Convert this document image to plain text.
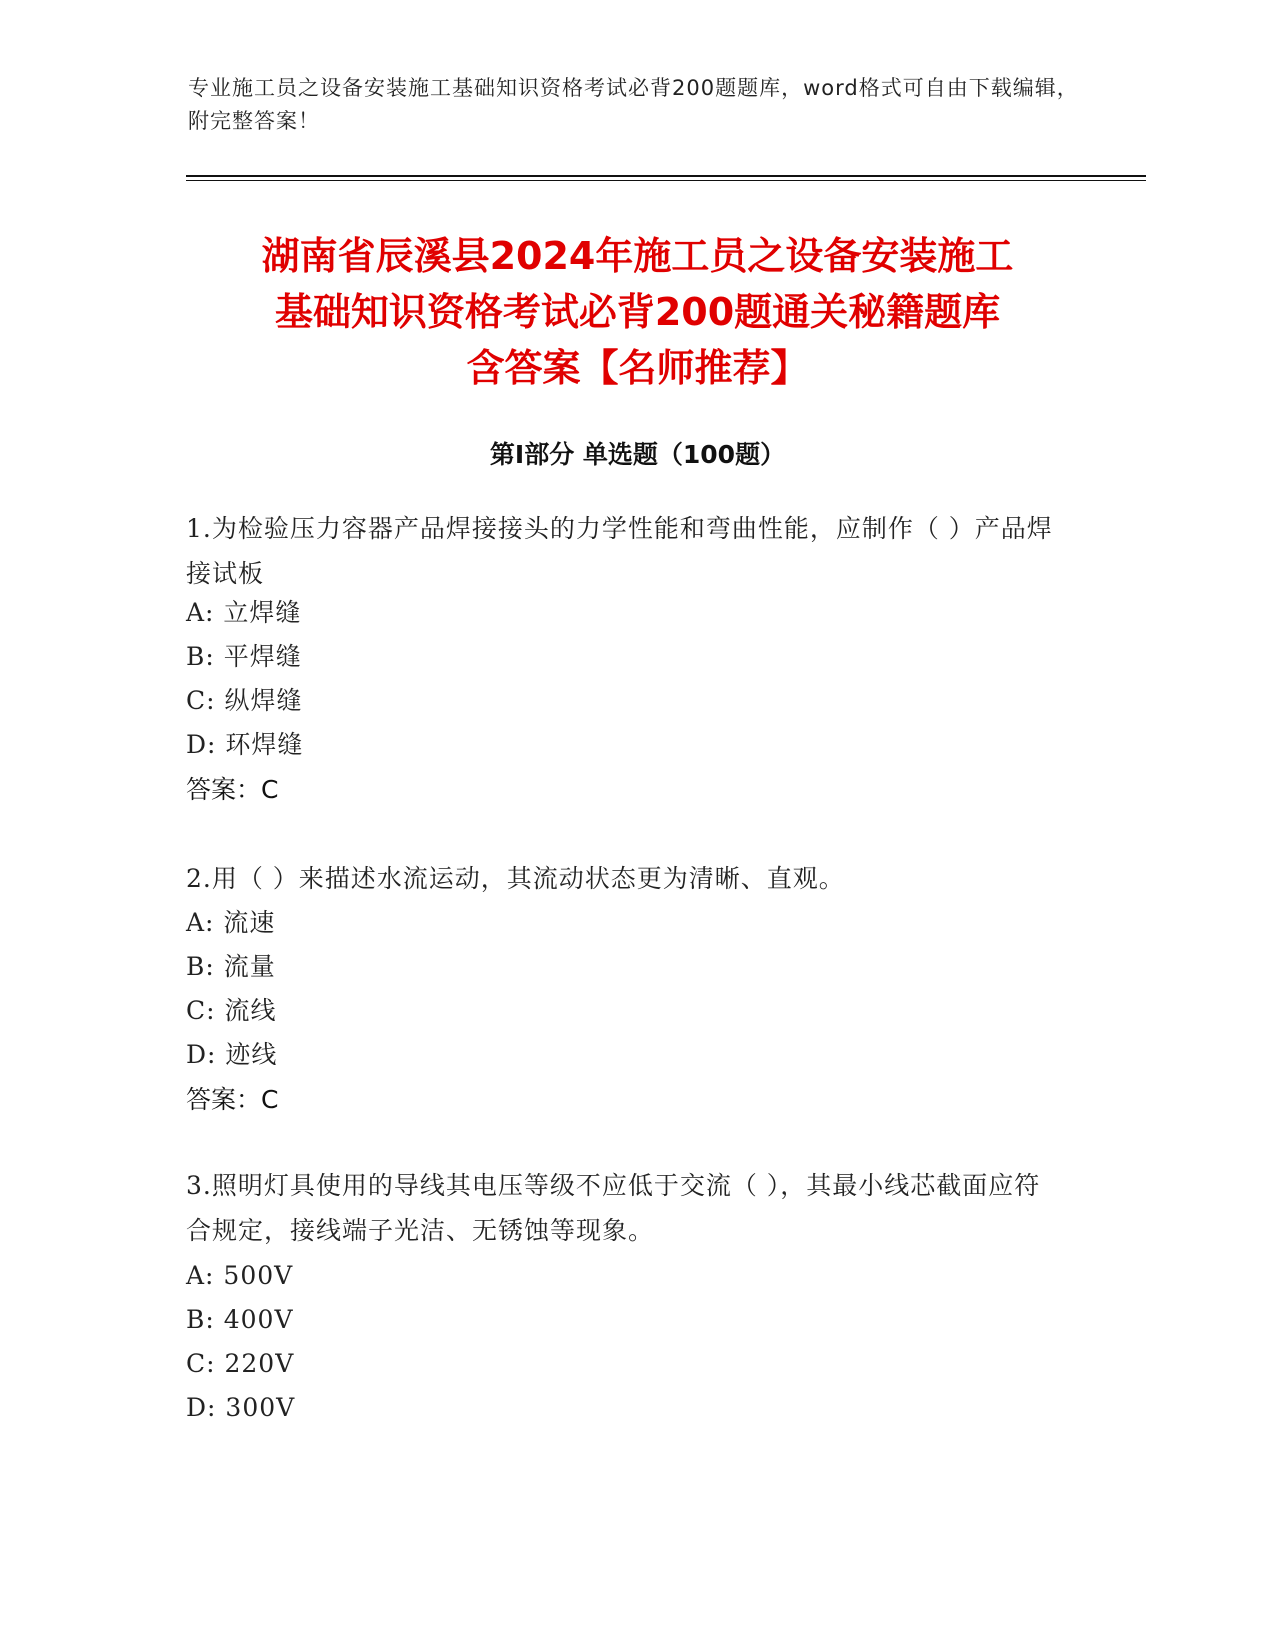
专业施工员之设备安装施工基础知识资格考试必背200题题库，word格式可自由下载编辑，附完整答案！
湖南省辰溪县2024年施工员之设备安装施工
基础知识资格考试必背200题通关秘籍题库
含答案【名师推荐】
第I部分 单选题（100题）
1.为检验压力容器产品焊接接头的力学性能和弯曲性能，应制作（ ）产品焊接试板
A: 立焊缝
B: 平焊缝
C: 纵焊缝
D: 环焊缝
答案：C
2.用（ ）来描述水流运动，其流动状态更为清晰、直观。
A: 流速
B: 流量
C: 流线
D: 迹线
答案：C
3.照明灯具使用的导线其电压等级不应低于交流（ ），其最小线芯截面应符合规定，接线端子光洁、无锈蚀等现象。
A: 500V
B: 400V
C: 220V
D: 300V
